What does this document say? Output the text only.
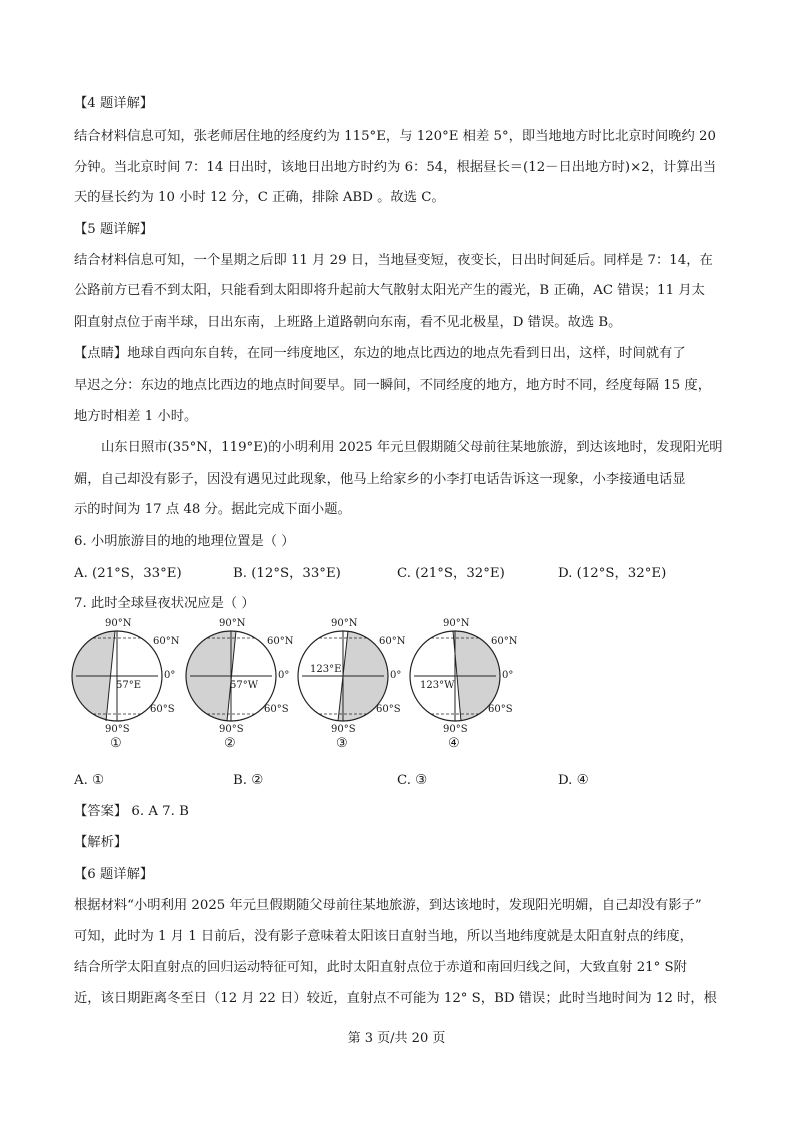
【4 题详解】
结合材料信息可知，张老师居住地的经度约为 115°E，与 120°E 相差 5°，即当地地方时比北京时间晚约 20
分钟。当北京时间 7：14 日出时，该地日出地方时约为 6：54，根据昼长＝(12－日出地方时)×2，计算出当
天的昼长约为 10 小时 12 分，C 正确，排除 ABD 。故选 C。
【5 题详解】
结合材料信息可知，一个星期之后即 11 月 29 日，当地昼变短，夜变长，日出时间延后。同样是 7：14，在
公路前方已看不到太阳，只能看到太阳即将升起前大气散射太阳光产生的霞光，B 正确，AC 错误；11 月太
阳直射点位于南半球，日出东南，上班路上道路朝向东南，看不见北极星，D 错误。故选 B。
【点睛】地球自西向东自转，在同一纬度地区，东边的地点比西边的地点先看到日出，这样，时间就有了
早迟之分：东边的地点比西边的地点时间要早。同一瞬间，不同经度的地方，地方时不同，经度每隔 15 度，
地方时相差 1 小时。
山东日照市(35°N，119°E)的小明利用 2025 年元旦假期随父母前往某地旅游，到达该地时，发现阳光明
媚，自己却没有影子，因没有遇见过此现象，他马上给家乡的小李打电话告诉这一现象，小李接通电话显
示的时间为 17 点 48 分。据此完成下面小题。
6. 小明旅游目的地的地理位置是（ ）
A. (21°S，33°E)	B. (12°S，33°E)	C. (21°S，32°E)	D. (12°S，32°E)
7. 此时全球昼夜状况应是（ ）
90°N
60°N
0°
57°E
60°S
90°S
①
90°N
60°N
0°
57°W
60°S
90°S
②
90°N
60°N
0°
123°E
60°S
90°S
③
90°N
60°N
0°
123°W
60°S
90°S
④
A. ①	B. ②	C. ③	D. ④
【答案】 6. A 7. B
【解析】
【6 题详解】
根据材料“小明利用 2025 年元旦假期随父母前往某地旅游，到达该地时，发现阳光明媚，自己却没有影子”
可知，此时为 1 月 1 日前后，没有影子意味着太阳该日直射当地，所以当地纬度就是太阳直射点的纬度，
结合所学太阳直射点的回归运动特征可知，此时太阳直射点位于赤道和南回归线之间，大致直射 21° S附
近，该日期距离冬至日（12 月 22 日）较近，直射点不可能为 12° S，BD 错误；此时当地时间为 12 时，根
第 3 页/共 20 页
